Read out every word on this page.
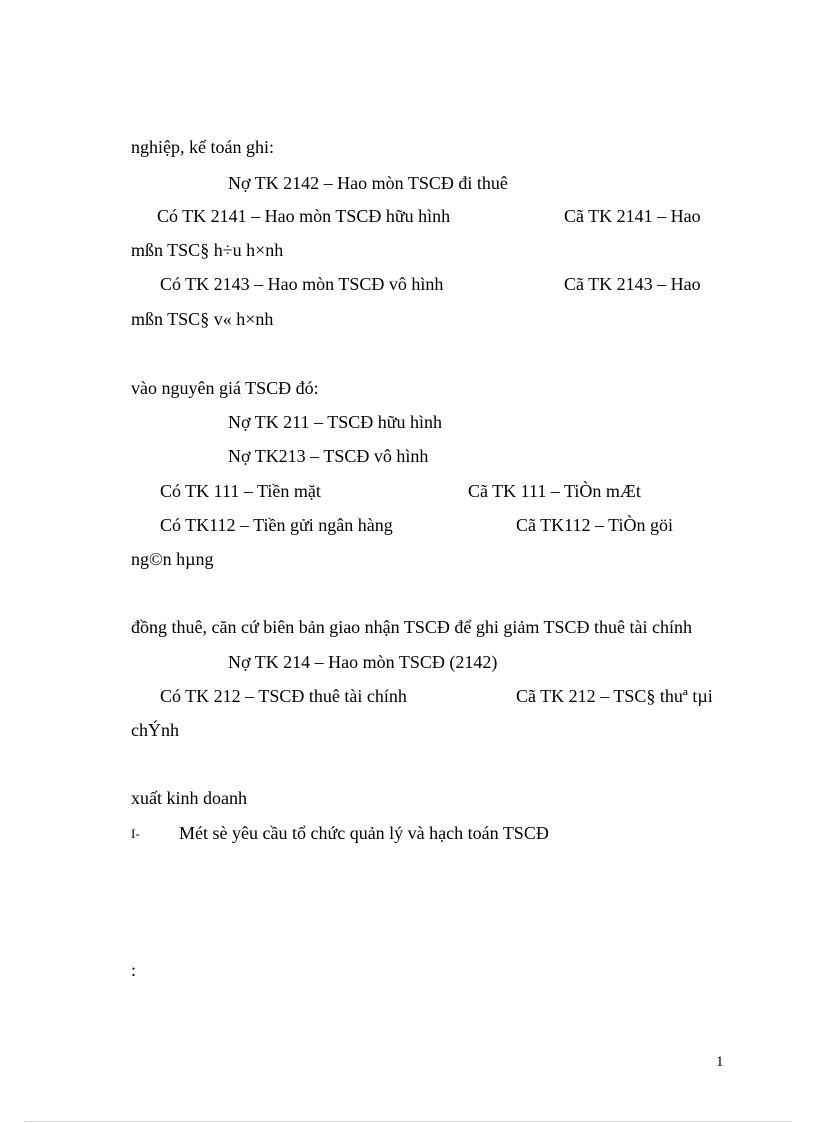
nghiệp, kế toán ghi:
Nợ TK 2142 – Hao mòn TSCĐ đi thuê
Có TK 2141 – Hao mòn TSCĐ hữu hình	Cã TK 2141 – Hao
mßn TSC§ h÷u h×nh
Có TK 2143 – Hao mòn TSCĐ vô hình	Cã TK 2143 – Hao
mßn TSC§ v« h×nh
vào nguyên giá TSCĐ đó:
Nợ TK 211 – TSCĐ hữu hình
Nợ TK213 – TSCĐ vô hình
Có TK 111 – Tiền mặt	Cã TK 111 – TiÒn mÆt
Có TK112 – Tiền gửi ngân hàng	Cã TK112 – TiÒn göi
ng©n hµng
đồng thuê, căn cứ biên bản giao nhận TSCĐ để ghi giảm TSCĐ thuê tài chính
Nợ TK 214 – Hao mòn TSCĐ (2142)
Có TK 212 – TSCĐ thuê tài chính	Cã TK 212 – TSC§ thuª tµi
chÝnh
xuất kinh doanh
I- Mét sè yêu cầu tổ chức quản lý và hạch toán TSCĐ
:
1
